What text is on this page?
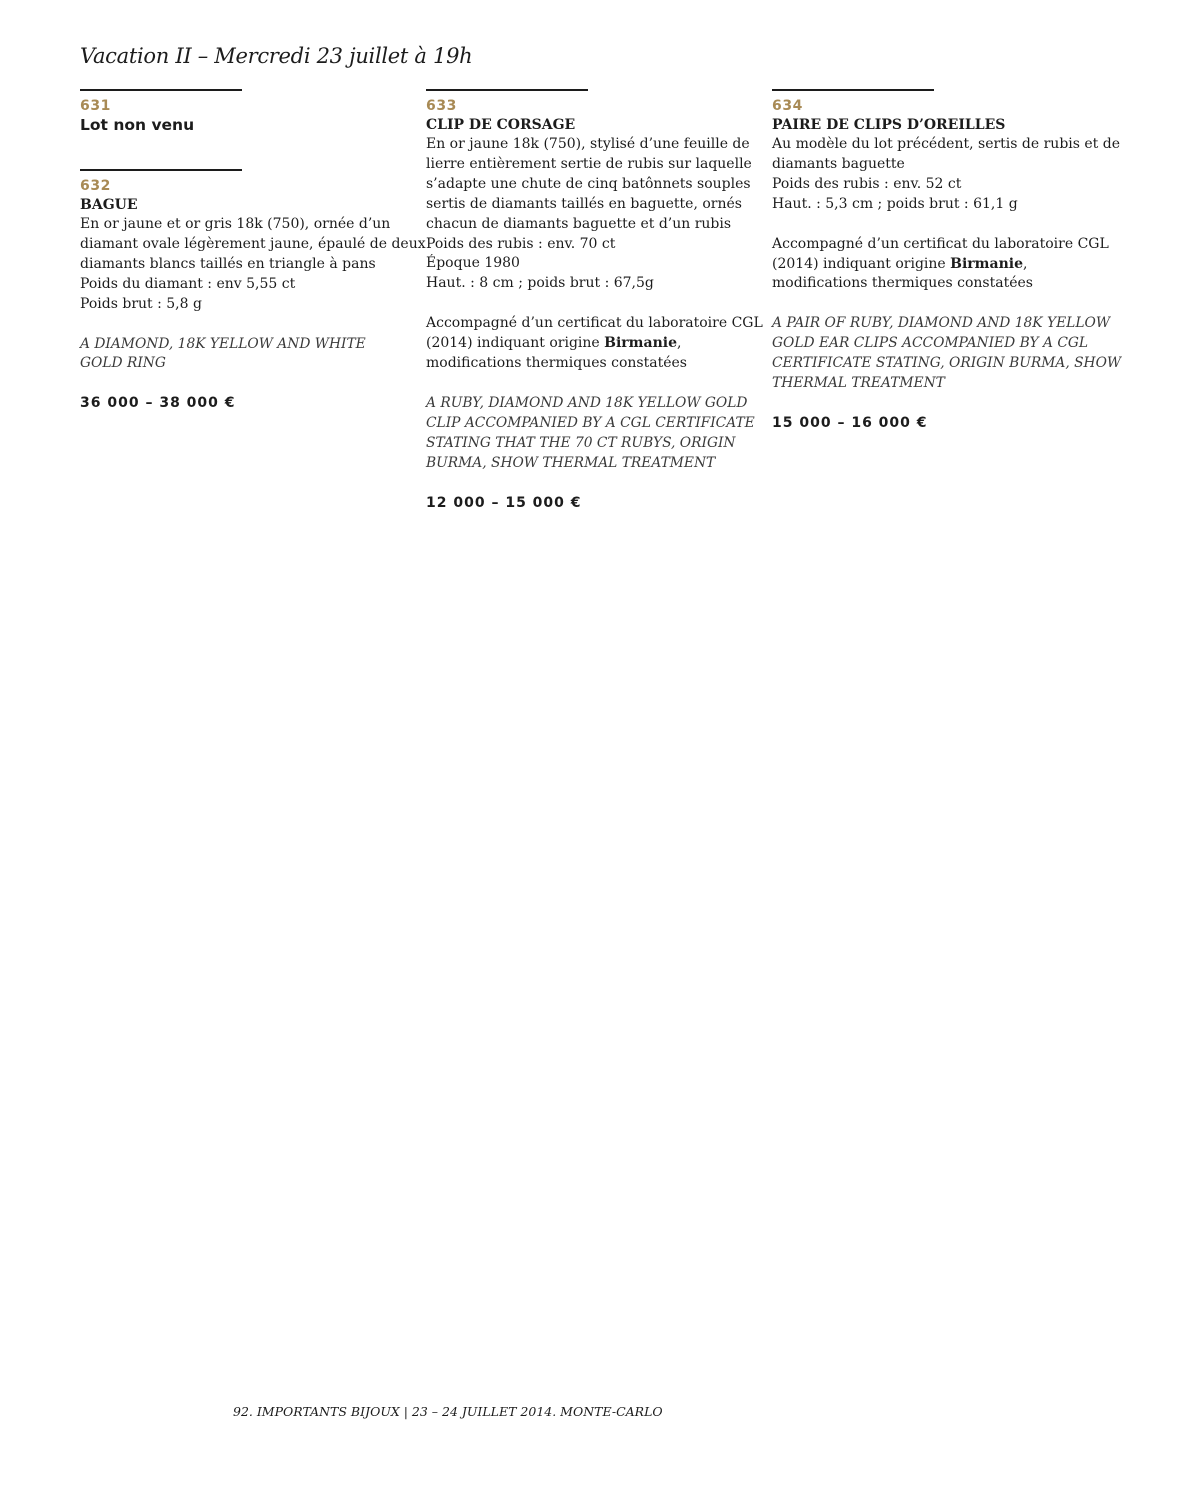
Vacation II – Mercredi 23 juillet à 19h
631
Lot non venu
632
BAGUE
En or jaune et or gris 18k (750), ornée d’un
diamant ovale légèrement jaune, épaulé de deux
diamants blancs taillés en triangle à pans
Poids du diamant : env 5,55 ct
Poids brut : 5,8 g
A DIAMOND, 18K YELLOW AND WHITE
GOLD RING
36 000 – 38 000 €
633
CLIP DE CORSAGE
En or jaune 18k (750), stylisé d’une feuille de
lierre entièrement sertie de rubis sur laquelle
s’adapte une chute de cinq batônnets souples
sertis de diamants taillés en baguette, ornés
chacun de diamants baguette et d’un rubis
Poids des rubis : env. 70 ct
Époque 1980
Haut. : 8 cm ; poids brut : 67,5g
Accompagné d’un certificat du laboratoire CGL
(2014) indiquant origine Birmanie,
modifications thermiques constatées
A RUBY, DIAMOND AND 18K YELLOW GOLD
CLIP ACCOMPANIED BY A CGL CERTIFICATE
STATING THAT THE 70 CT RUBYS, ORIGIN
BURMA, SHOW THERMAL TREATMENT
12 000 – 15 000 €
634
PAIRE DE CLIPS D’OREILLES
Au modèle du lot précédent, sertis de rubis et de
diamants baguette
Poids des rubis : env. 52 ct
Haut. : 5,3 cm ; poids brut : 61,1 g
Accompagné d’un certificat du laboratoire CGL
(2014) indiquant origine Birmanie,
modifications thermiques constatées
A PAIR OF RUBY, DIAMOND AND 18K YELLOW
GOLD EAR CLIPS ACCOMPANIED BY A CGL
CERTIFICATE STATING, ORIGIN BURMA, SHOW
THERMAL TREATMENT
15 000 – 16 000 €
92. IMPORTANTS BIJOUX | 23 – 24 JUILLET 2014. MONTE-CARLO
